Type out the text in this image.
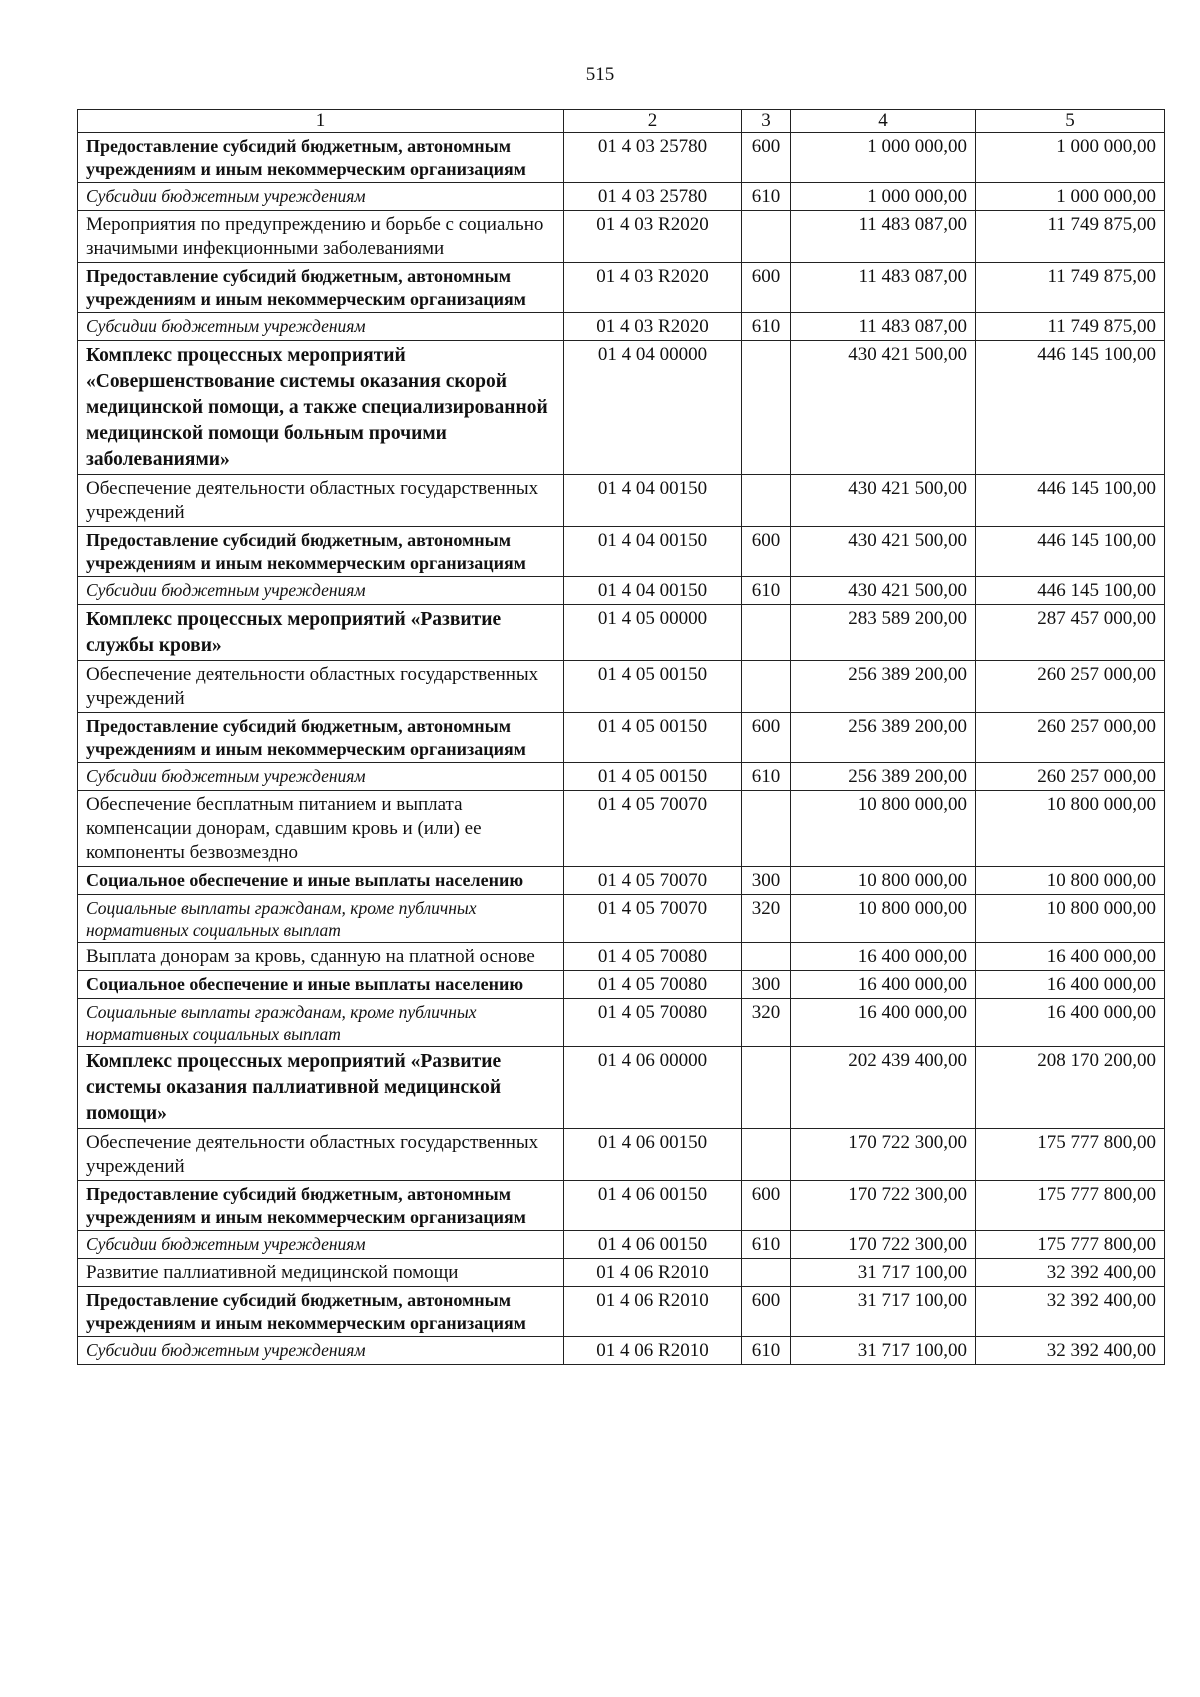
515
1	2	3	4	5
Предоставление субсидий бюджетным, автономным учреждениям и иным некоммерческим организациям	01 4 03 25780	600	1 000 000,00	1 000 000,00
Субсидии бюджетным учреждениям	01 4 03 25780	610	1 000 000,00	1 000 000,00
Мероприятия по предупреждению и борьбе с социально значимыми инфекционными заболеваниями	01 4 03 R2020		11 483 087,00	11 749 875,00
Предоставление субсидий бюджетным, автономным учреждениям и иным некоммерческим организациям	01 4 03 R2020	600	11 483 087,00	11 749 875,00
Субсидии бюджетным учреждениям	01 4 03 R2020	610	11 483 087,00	11 749 875,00
Комплекс процессных мероприятий «Совершенствование системы оказания скорой медицинской помощи, а также специализированной медицинской помощи больным прочими заболеваниями»	01 4 04 00000		430 421 500,00	446 145 100,00
Обеспечение деятельности областных государственных учреждений	01 4 04 00150		430 421 500,00	446 145 100,00
Предоставление субсидий бюджетным, автономным учреждениям и иным некоммерческим организациям	01 4 04 00150	600	430 421 500,00	446 145 100,00
Субсидии бюджетным учреждениям	01 4 04 00150	610	430 421 500,00	446 145 100,00
Комплекс процессных мероприятий «Развитие службы крови»	01 4 05 00000		283 589 200,00	287 457 000,00
Обеспечение деятельности областных государственных учреждений	01 4 05 00150		256 389 200,00	260 257 000,00
Предоставление субсидий бюджетным, автономным учреждениям и иным некоммерческим организациям	01 4 05 00150	600	256 389 200,00	260 257 000,00
Субсидии бюджетным учреждениям	01 4 05 00150	610	256 389 200,00	260 257 000,00
Обеспечение бесплатным питанием и выплата компенсации донорам, сдавшим кровь и (или) ее компоненты безвозмездно	01 4 05 70070		10 800 000,00	10 800 000,00
Социальное обеспечение и иные выплаты населению	01 4 05 70070	300	10 800 000,00	10 800 000,00
Социальные выплаты гражданам, кроме публичных нормативных социальных выплат	01 4 05 70070	320	10 800 000,00	10 800 000,00
Выплата донорам за кровь, сданную на платной основе	01 4 05 70080		16 400 000,00	16 400 000,00
Социальное обеспечение и иные выплаты населению	01 4 05 70080	300	16 400 000,00	16 400 000,00
Социальные выплаты гражданам, кроме публичных нормативных социальных выплат	01 4 05 70080	320	16 400 000,00	16 400 000,00
Комплекс процессных мероприятий «Развитие системы оказания паллиативной медицинской помощи»	01 4 06 00000		202 439 400,00	208 170 200,00
Обеспечение деятельности областных государственных учреждений	01 4 06 00150		170 722 300,00	175 777 800,00
Предоставление субсидий бюджетным, автономным учреждениям и иным некоммерческим организациям	01 4 06 00150	600	170 722 300,00	175 777 800,00
Субсидии бюджетным учреждениям	01 4 06 00150	610	170 722 300,00	175 777 800,00
Развитие паллиативной медицинской помощи	01 4 06 R2010		31 717 100,00	32 392 400,00
Предоставление субсидий бюджетным, автономным учреждениям и иным некоммерческим организациям	01 4 06 R2010	600	31 717 100,00	32 392 400,00
Субсидии бюджетным учреждениям	01 4 06 R2010	610	31 717 100,00	32 392 400,00
